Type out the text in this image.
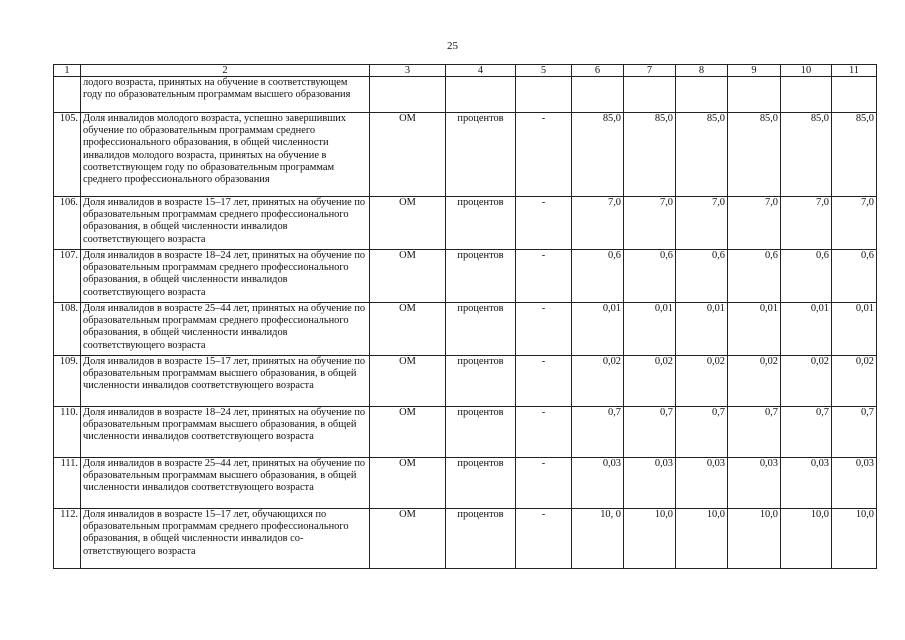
25
1	2	3	4	5	6	7	8	9	10	11
	лодого возраста, принятых на обучение в соответствующем году по образовательным программам высшего образования									
105.	Доля инвалидов молодого возраста, успешно завершивших обучение по образовательным программам среднего профессионального образования, в общей численности инвалидов молодого возраста, принятых на обучение в соответствующем году по образовательным программам среднего профессионального образования	ОМ	процентов	-	85,0	85,0	85,0	85,0	85,0	85,0
106.	Доля инвалидов в возрасте 15–17 лет, принятых на обучение по образовательным программам среднего профессионального образования, в общей численности инвалидов соответствующего возраста	ОМ	процентов	-	7,0	7,0	7,0	7,0	7,0	7,0
107.	Доля инвалидов в возрасте 18–24 лет, принятых на обучение по образовательным программам среднего профессионального образования, в общей численности инвалидов соответствующего возраста	ОМ	процентов	-	0,6	0,6	0,6	0,6	0,6	0,6
108.	Доля инвалидов в возрасте 25–44 лет, принятых на обучение по образовательным программам среднего профессионального образования, в общей численности инвалидов соответствующего возраста	ОМ	процентов	-	0,01	0,01	0,01	0,01	0,01	0,01
109.	Доля инвалидов в возрасте 15–17 лет, принятых на обучение по образовательным программам высшего образования, в общей численности инвалидов соответствующего возраста	ОМ	процентов	-	0,02	0,02	0,02	0,02	0,02	0,02
110.	Доля инвалидов в возрасте 18–24 лет, принятых на обучение по образовательным программам высшего образования, в общей численности инвалидов соответствующего возраста	ОМ	процентов	-	0,7	0,7	0,7	0,7	0,7	0,7
111.	Доля инвалидов в возрасте 25–44 лет, принятых на обучение по образовательным программам высшего образования, в общей численности инвалидов соответствующего возраста	ОМ	процентов	-	0,03	0,03	0,03	0,03	0,03	0,03
112.	Доля инвалидов в возрасте 15–17 лет, обучающихся по образовательным программам среднего профессионального образования, в общей численности инвалидов соответствующего возраста	ОМ	процентов	-	10, 0	10,0	10,0	10,0	10,0	10,0
